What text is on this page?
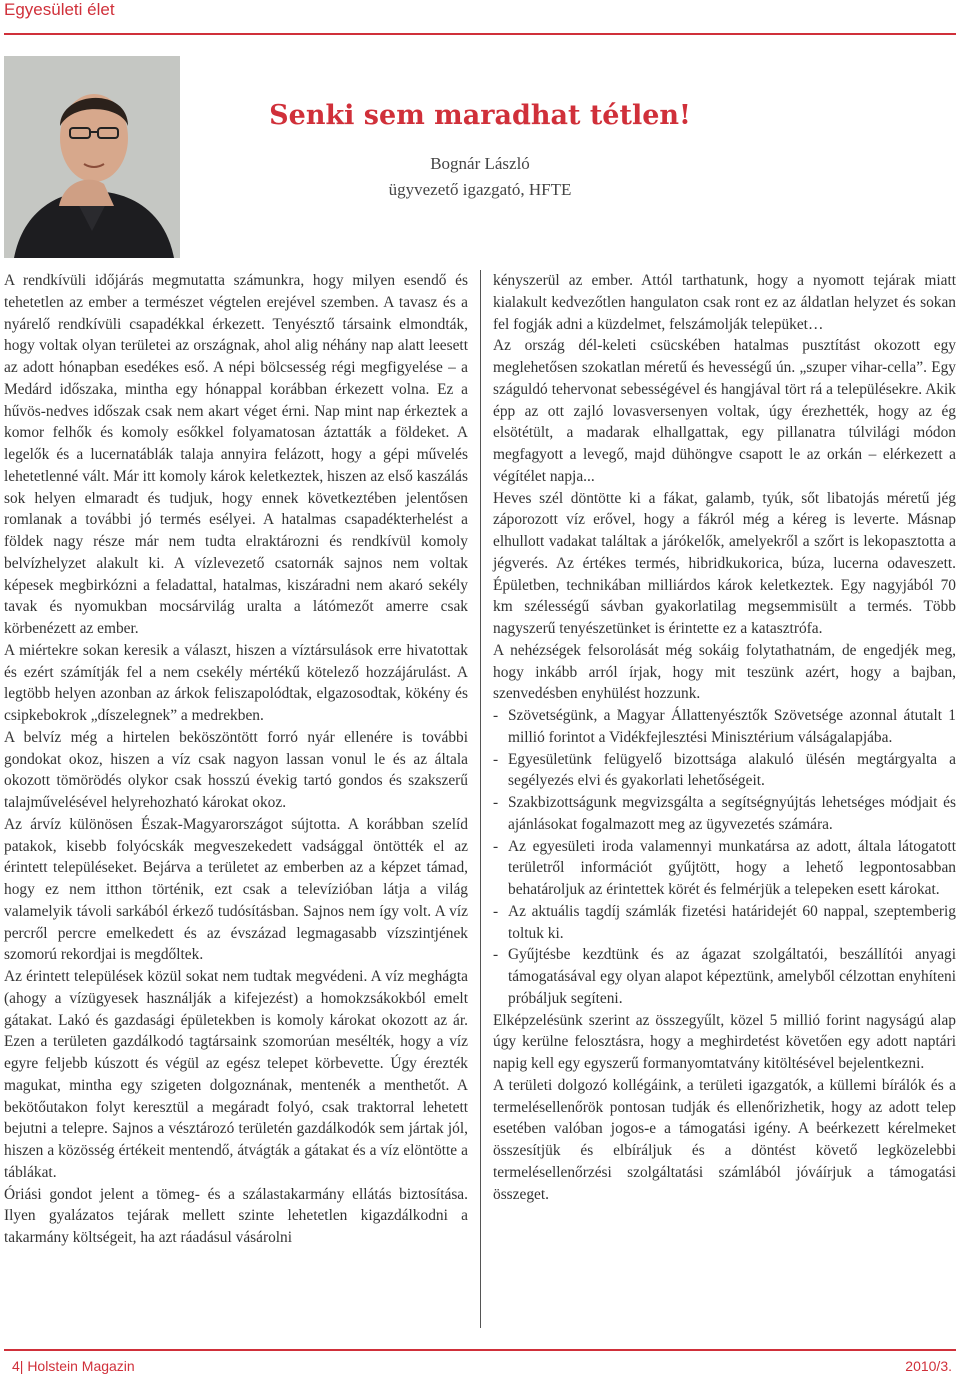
Egyesületi élet
Senki sem maradhat tétlen!
Bognár László
ügyvezető igazgató, HFTE

A rendkívüli időjárás megmutatta számunkra, hogy milyen esendő és tehetetlen az ember a természet végtelen erejével szemben. A tavasz és a nyárelő rendkívüli csapadékkal érkezett. Tenyésztő társaink elmondták, hogy voltak olyan területei az országnak, ahol alig néhány nap alatt leesett az adott hónapban esedékes eső. A népi bölcsesség régi megfigyelése – a Medárd időszaka, mintha egy hónappal korábban érkezett volna. Ez a hűvös-nedves időszak csak nem akart véget érni. Nap mint nap érkeztek a komor felhők és komoly esőkkel folyamatosan áztatták a földeket. A legelők és a lucernatáblák talaja annyira felázott, hogy a gépi művelés lehetetlenné vált. Már itt komoly károk keletkeztek, hiszen az első kaszálás sok helyen elmaradt és tudjuk, hogy ennek következtében jelentősen romlanak a további jó termés esélyei. A hatalmas csapadékterhelést a földek nagy része már nem tudta elraktározni és rendkívül komoly belvízhelyzet alakult ki. A vízlevezető csatornák sajnos nem voltak képesek megbirkózni a feladattal, hatalmas, kiszáradni nem akaró sekély tavak és nyomukban mocsárvilág uralta a látómezőt amerre csak körbenézett az ember.

A miértekre sokan keresik a választ, hiszen a víztársulások erre hivatottak és ezért számítják fel a nem csekély mértékű kötelező hozzájárulást. A legtöbb helyen azonban az árkok feliszapolódtak, elgazosodtak, kökény és csipkebokrok „díszelegnek” a medrekben.

A belvíz még a hirtelen beköszöntött forró nyár ellenére is további gondokat okoz, hiszen a víz csak nagyon lassan vonul le és az általa okozott tömörödés olykor csak hosszú évekig tartó gondos és szakszerű talajművelésével helyrehozható károkat okoz.

Az árvíz különösen Észak-Magyarországot sújtotta. A korábban szelíd patakok, kisebb folyócskák megveszekedett vadsággal öntötték el az érintett településeket. Bejárva a területet az emberben az a képzet támad, hogy ez nem itthon történik, ezt csak a televízióban látja a világ valamelyik távoli sarkából érkező tudósításban. Sajnos nem így volt. A víz percről percre emelkedett és az évszázad legmagasabb vízszintjének szomorú rekordjai is megdőltek.

Az érintett települések közül sokat nem tudtak megvédeni. A víz meghágta (ahogy a vízügyesek használják a kifejezést) a homokzsákokból emelt gátakat. Lakó és gazdasági épületekben is komoly károkat okozott az ár. Ezen a területen gazdálkodó tagtársaink szomorúan mesélték, hogy a víz egyre feljebb kúszott és végül az egész telepet körbevette. Úgy érezték magukat, mintha egy szigeten dolgoznának, mentenék a menthetőt. A bekötőutakon folyt keresztül a megáradt folyó, csak traktorral lehetett bejutni a telepre. Sajnos a vésztározó területén gazdálkodók sem jártak jól, hiszen a közösség értékeit mentendő, átvágták a gátakat és a víz elöntötte a táblákat.

Óriási gondot jelent a tömeg- és a szálastakarmány ellátás biztosítása. Ilyen gyalázatos tejárak mellett szinte lehetetlen kigazdálkodni a takarmány költségeit, ha azt ráadásul vásárolni

kényszerül az ember. Attól tarthatunk, hogy a nyomott tejárak miatt kialakult kedvezőtlen hangulaton csak ront ez az áldatlan helyzet és sokan fel fogják adni a küzdelmet, felszámolják telepüket…

Az ország dél-keleti csücskében hatalmas pusztítást okozott egy meglehetősen szokatlan méretű és hevességű ún. „szuper vihar-cella”. Egy száguldó tehervonat sebességével és hangjával tört rá a településekre. Akik épp az ott zajló lovasversenyen voltak, úgy érezhették, hogy az ég elsötétült, a madarak elhallgattak, egy pillanatra túlvilági módon megfagyott a levegő, majd dühöngve csapott le az orkán – elérkezett a végítélet napja...

Heves szél döntötte ki a fákat, galamb, tyúk, sőt libatojás méretű jég záporozott víz erővel, hogy a fákról még a kéreg is leverte. Másnap elhullott vadakat találtak a járókelők, amelyekről a szőrt is lekopasztotta a jégverés. Az értékes termés, hibridkukorica, búza, lucerna odaveszett. Épületben, technikában milliárdos károk keletkeztek. Egy nagyjából 70 km szélességű sávban gyakorlatilag megsemmisült a termés. Több nagyszerű tenyészetünket is érintette ez a katasztrófa.

A nehézségek felsorolását még sokáig folytathatnám, de engedjék meg, hogy inkább arról írjak, hogy mit teszünk azért, hogy a bajban, szenvedésben enyhülést hozzunk.

- Szövetségünk, a Magyar Állattenyésztők Szövetsége azonnal átutalt 1 millió forintot a Vidékfejlesztési Minisztérium válságalapjába.
- Egyesületünk felügyelő bizottsága alakuló ülésén megtárgyalta a segélyezés elvi és gyakorlati lehetőségeit.
- Szakbizottságunk megvizsgálta a segítségnyújtás lehetséges módjait és ajánlásokat fogalmazott meg az ügyvezetés számára.
- Az egyesületi iroda valamennyi munkatársa az adott, általa látogatott területről információt gyűjtött, hogy a lehető legpontosabban behatároljuk az érintettek körét és felmérjük a telepeken esett károkat.
- Az aktuális tagdíj számlák fizetési határidejét 60 nappal, szeptemberig toltuk ki.
- Gyűjtésbe kezdtünk és az ágazat szolgáltatói, beszállítói anyagi támogatásával egy olyan alapot képeztünk, amelyből célzottan enyhíteni próbáljuk segíteni.

Elképzelésünk szerint az összegyűlt, közel 5 millió forint nagyságú alap úgy kerülne felosztásra, hogy a meghirdetést követően egy adott naptári napig kell egy egyszerű formanyomtatvány kitöltésével bejelentkezni.

A területi dolgozó kollégáink, a területi igazgatók, a küllemi bírálók és a termelésellenőrök pontosan tudják és ellenőrizhetik, hogy az adott telep esetében valóban jogos-e a támogatási igény. A beérkezett kérelmeket összesítjük és elbíráljuk és a döntést követő legközelebbi termelésellenőrzési szolgáltatási számlából jóváírjuk a támogatási összeget.

4| Holstein Magazin	2010/3.
